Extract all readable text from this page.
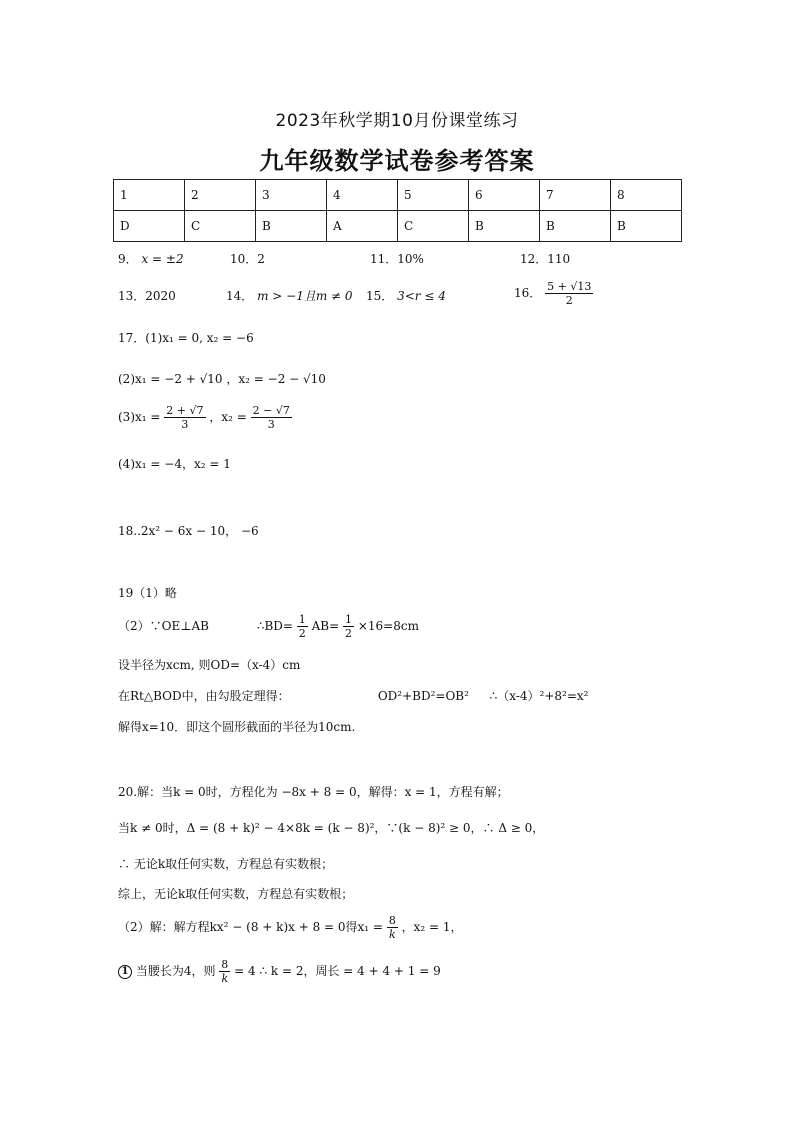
2023年秋学期10月份课堂练习
九年级数学试卷参考答案
1	2	3	4	5	6	7	8
D	C	B	A	C	B	B	B
9． x = ±2	10．2	11．10%	12．110
13．2020	14． m > −1且m ≠ 0 15． 3<r ≤ 4	16． $\frac{5 + √13}{2}$
17．(1)x₁ = 0, x₂ = −6
(2)x₁ = −2 + √10 ，x₂ = −2 − √10
$(3)x_1 = \frac{2 + √7}{3}$ ，$x_2 = \frac{2 - √7}{3}$
(4)x₁ = −4，x₂ = 1
18..2x² − 6x − 10， −6
19（1）略
（2）∵OE⊥AB	∴BD= $\frac{1}{2} AB= \frac{1}{2} \times 16=8cm$
设半径为xcm, 则OD=（x-4）cm
在Rt△BOD中，由勾股定理得：	OD²+BD²=OB² ∴（x-4）²+8²=x²
解得x=10．即这个圆形截面的半径为10cm.
20.解：当k = 0时，方程化为 −8x + 8 = 0，解得：x = 1，方程有解；
当k ≠ 0时，Δ = (8 + k)² − 4×8k = (k − 8)²，∵(k − 8)² ≥ 0，∴ Δ ≥ 0，
∴ 无论k取任何实数，方程总有实数根；
综上，无论k取任何实数，方程总有实数根；
（2）解：解方程kx² − (8 + k)x + 8 = 0得$x_1 = \frac{8}{k}$ ，x₂ = 1，
1 当腰长为4，则 $\frac{8}{k} = 4$ ∴ k = 2，周长 = 4 + 4 + 1 = 9
